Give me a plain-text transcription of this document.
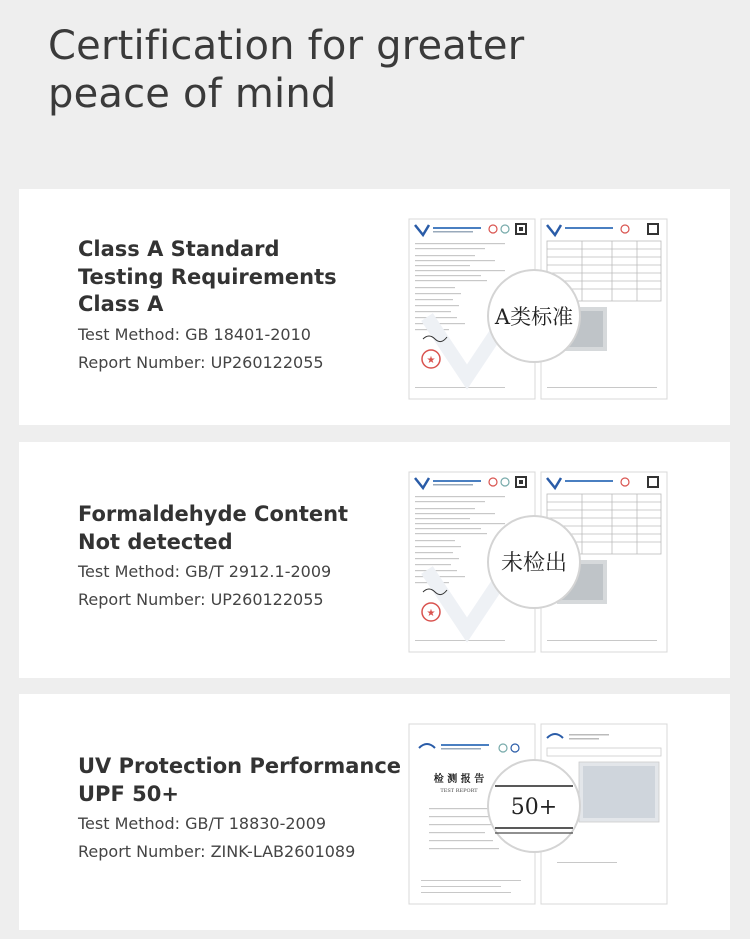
Certification for greater
peace of mind
Class A Standard
Testing Requirements
Class A
Test Method: GB 18401-2010
Report Number: UP260122055	★
A类标准
Formaldehyde Content
Not detected
Test Method: GB/T 2912.1-2009
Report Number: UP260122055
★
未检出
UV Protection Performance
UPF 50+
Test Method: GB/T 18830-2009
Report Number: ZINK-LAB2601089
检 测 报 告
TEST REPORT
50+
